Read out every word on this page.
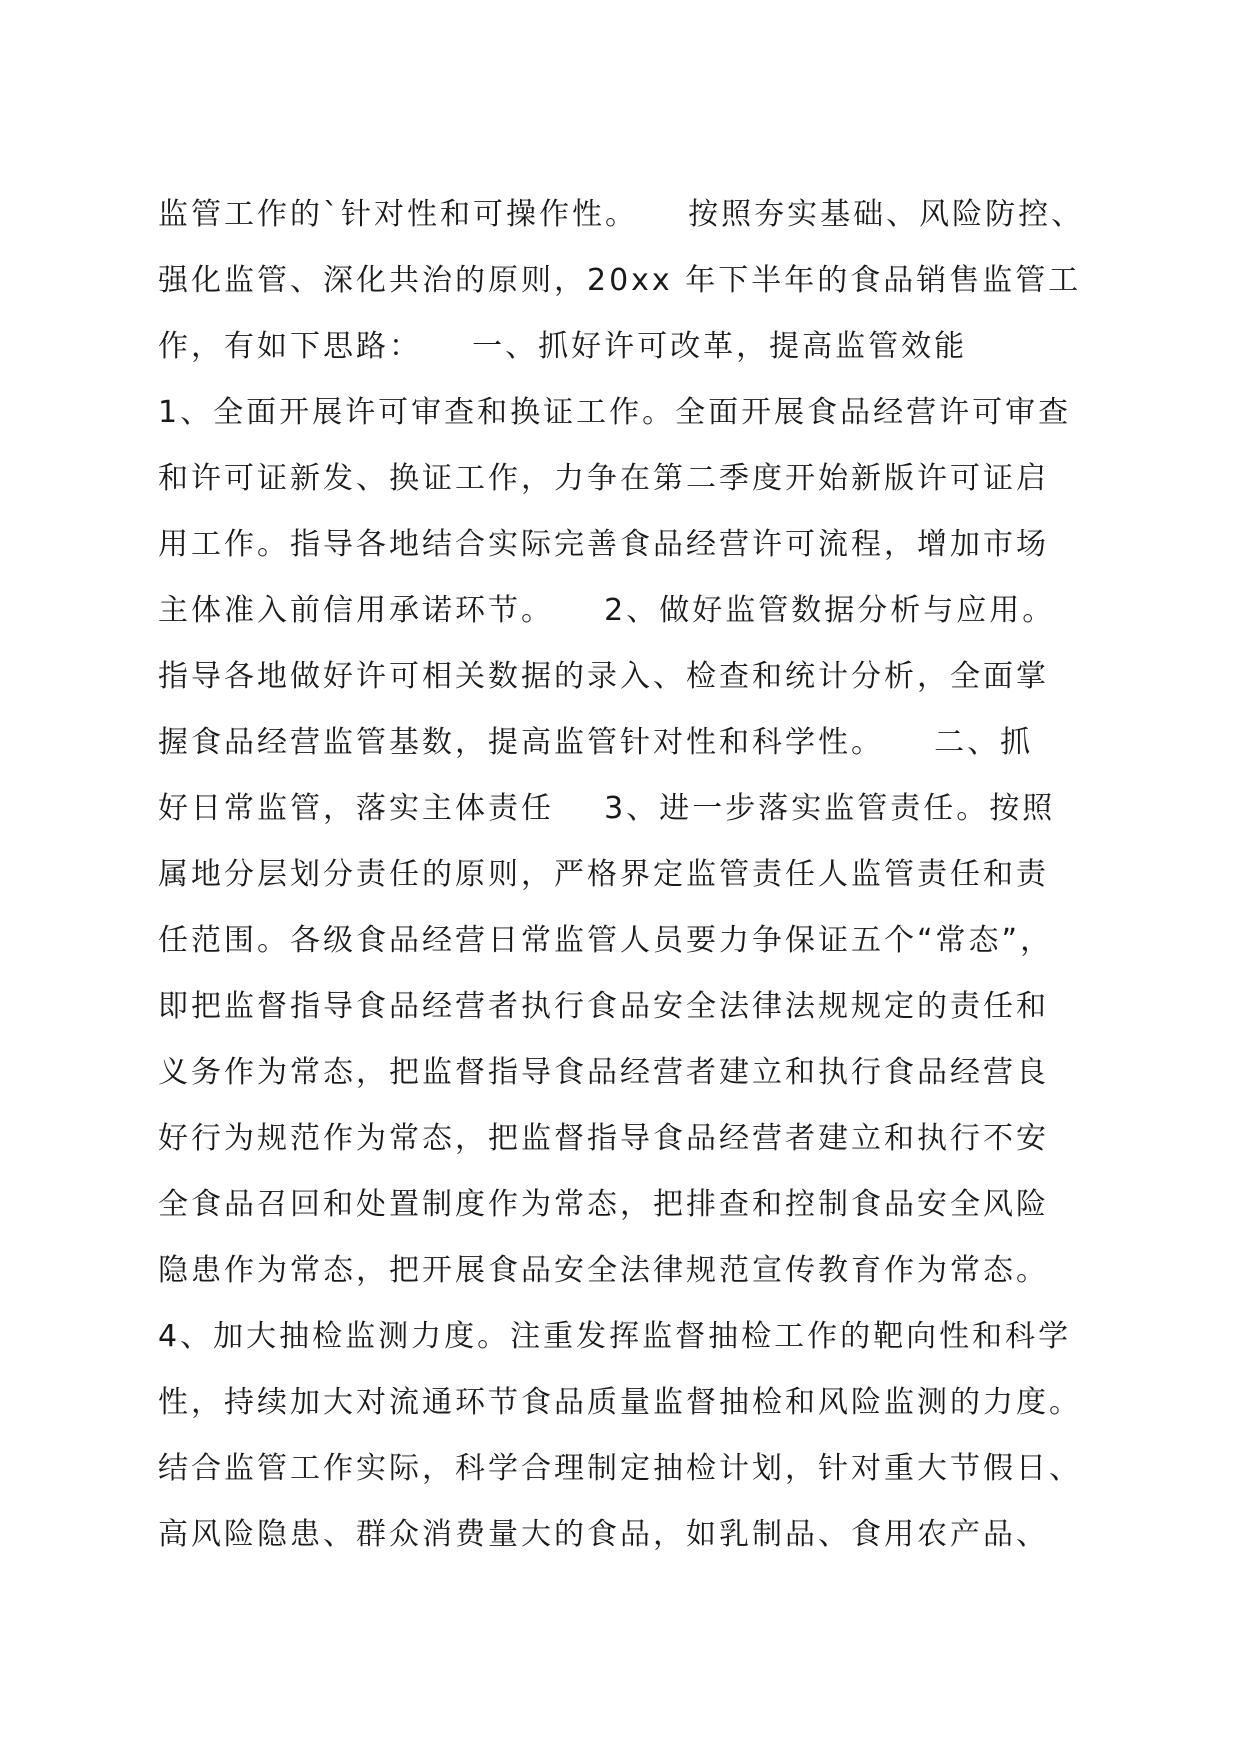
监管工作的`针对性和可操作性。    按照夯实基础、风险防控、
强化监管、深化共治的原则，20xx 年下半年的食品销售监管工
作，有如下思路：    一、抓好许可改革，提高监管效能
1、全面开展许可审查和换证工作。全面开展食品经营许可审查
和许可证新发、换证工作，力争在第二季度开始新版许可证启
用工作。指导各地结合实际完善食品经营许可流程，增加市场
主体准入前信用承诺环节。    2、做好监管数据分析与应用。
指导各地做好许可相关数据的录入、检查和统计分析，全面掌
握食品经营监管基数，提高监管针对性和科学性。    二、抓
好日常监管，落实主体责任    3、进一步落实监管责任。按照
属地分层划分责任的原则，严格界定监管责任人监管责任和责
任范围。各级食品经营日常监管人员要力争保证五个“常态”，
即把监督指导食品经营者执行食品安全法律法规规定的责任和
义务作为常态，把监督指导食品经营者建立和执行食品经营良
好行为规范作为常态，把监督指导食品经营者建立和执行不安
全食品召回和处置制度作为常态，把排查和控制食品安全风险
隐患作为常态，把开展食品安全法律规范宣传教育作为常态。
4、加大抽检监测力度。注重发挥监督抽检工作的靶向性和科学
性，持续加大对流通环节食品质量监督抽检和风险监测的力度。
结合监管工作实际，科学合理制定抽检计划，针对重大节假日、
高风险隐患、群众消费量大的食品，如乳制品、食用农产品、
